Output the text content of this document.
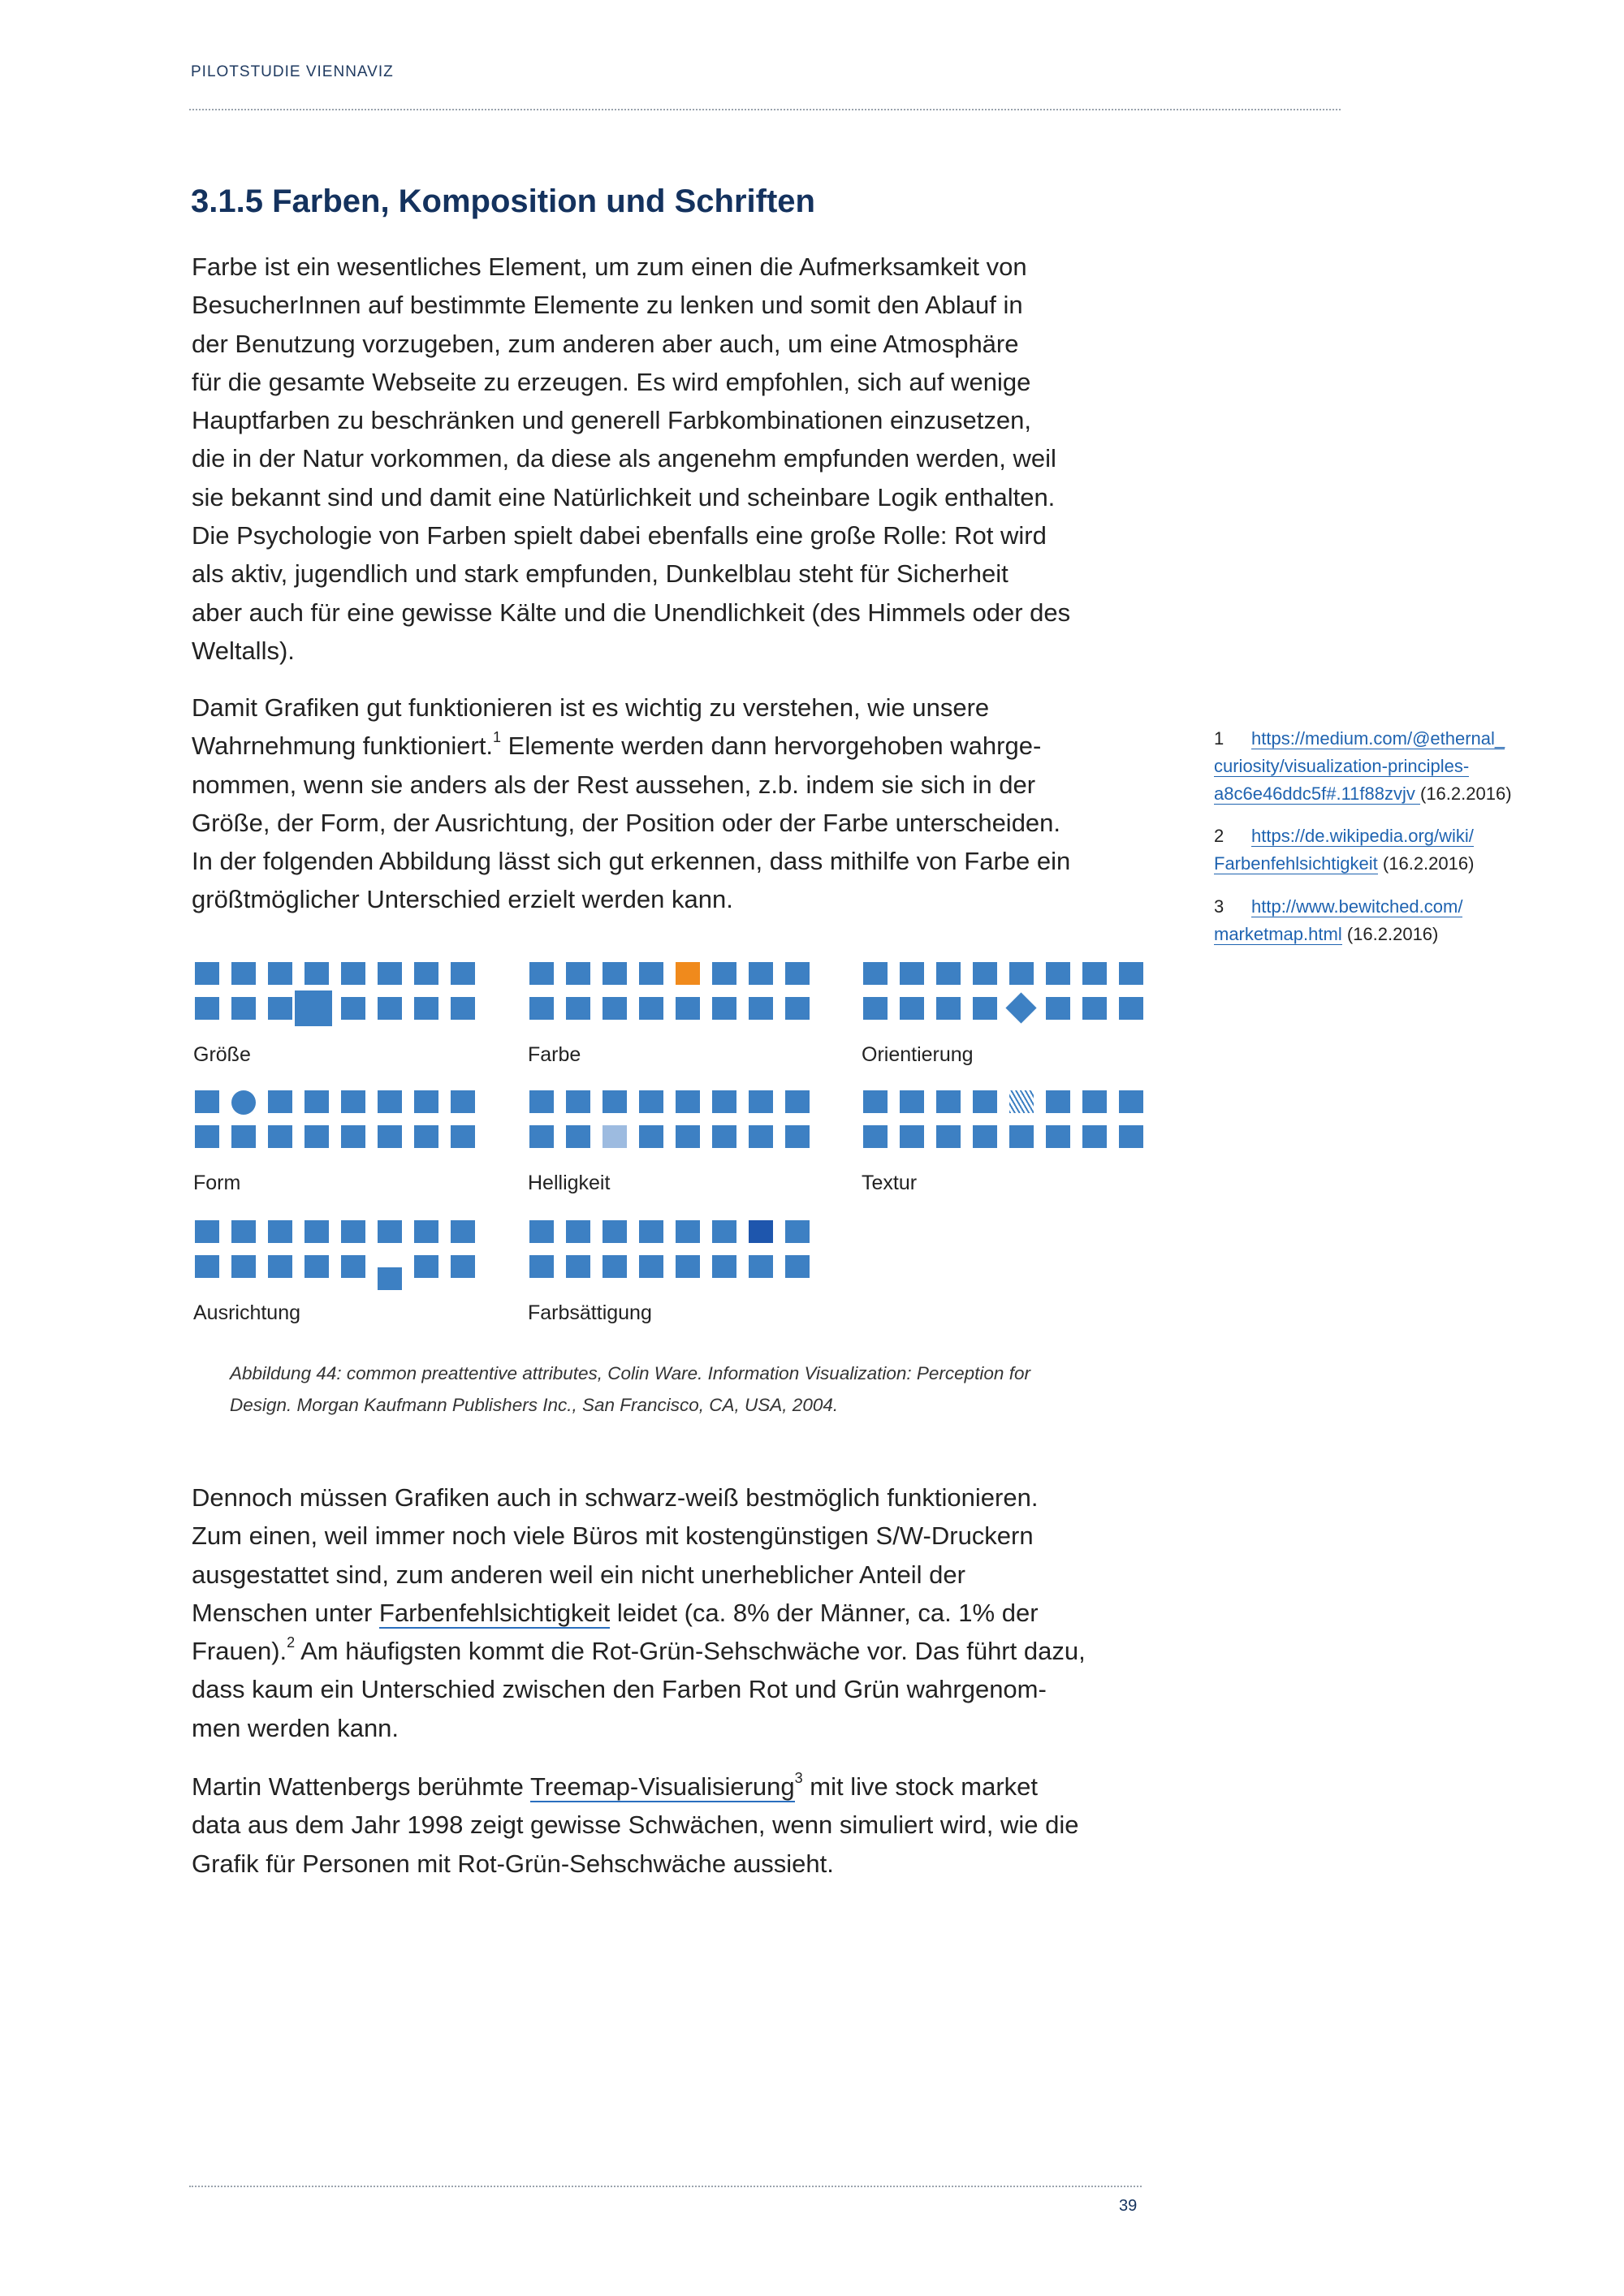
PILOTSTUDIE VIENNAVIZ
3.1.5 Farben, Komposition und Schriften
Farbe ist ein wesentliches Element, um zum einen die Aufmerksamkeit von
BesucherInnen auf bestimmte Elemente zu lenken und somit den Ablauf in
der Benutzung vorzugeben, zum anderen aber auch, um eine Atmosphäre
für die gesamte Webseite zu erzeugen. Es wird empfohlen, sich auf wenige
Hauptfarben zu beschränken und generell Farbkombinationen einzusetzen,
die in der Natur vorkommen, da diese als angenehm empfunden werden, weil
sie bekannt sind und damit eine Natürlichkeit und scheinbare Logik enthalten.
Die Psychologie von Farben spielt dabei ebenfalls eine große Rolle: Rot wird
als aktiv, jugendlich und stark empfunden, Dunkelblau steht für Sicherheit
aber auch für eine gewisse Kälte und die Unendlichkeit (des Himmels oder des
Weltalls).
Damit Grafiken gut funktionieren ist es wichtig zu verstehen, wie unsere
Wahrnehmung funktioniert.$^1$ Elemente werden dann hervorgehoben wahrge-
nommen, wenn sie anders als der Rest aussehen, z.b. indem sie sich in der
Größe, der Form, der Ausrichtung, der Position oder der Farbe unterscheiden.
In der folgenden Abbildung lässt sich gut erkennen, dass mithilfe von Farbe ein
größtmöglicher Unterschied erzielt werden kann.
Größe	Farbe	Orientierung
Form	Helligkeit	Textur
Ausrichtung	Farbsättigung
Abbildung 44: common preattentive attributes, Colin Ware. Information Visualization: Perception for
Design. Morgan Kaufmann Publishers Inc., San Francisco, CA, USA, 2004.
Dennoch müssen Grafiken auch in schwarz-weiß bestmöglich funktionieren.
Zum einen, weil immer noch viele Büros mit kostengünstigen S/W-Druckern
ausgestattet sind, zum anderen weil ein nicht unerheblicher Anteil der
Menschen unter Farbenfehlsichtigkeit leidet (ca. 8% der Männer, ca. 1% der
Frauen).$^2$ Am häufigsten kommt die Rot-Grün-Sehschwäche vor. Das führt dazu,
dass kaum ein Unterschied zwischen den Farben Rot und Grün wahrgenom-
men werden kann.
Martin Wattenbergs berühmte Treemap-Visualisierung$^3$ mit live stock market
data aus dem Jahr 1998 zeigt gewisse Schwächen, wenn simuliert wird, wie die
Grafik für Personen mit Rot-Grün-Sehschwäche aussieht.
1 https://medium.com/@ethernal_
curiosity/visualization-principles-
a8c6e46ddc5f#.11f88zvjv (16.2.2016)
2 https://de.wikipedia.org/wiki/
Farbenfehlsichtigkeit (16.2.2016)
3 http://www.bewitched.com/
marketmap.html (16.2.2016)
39
